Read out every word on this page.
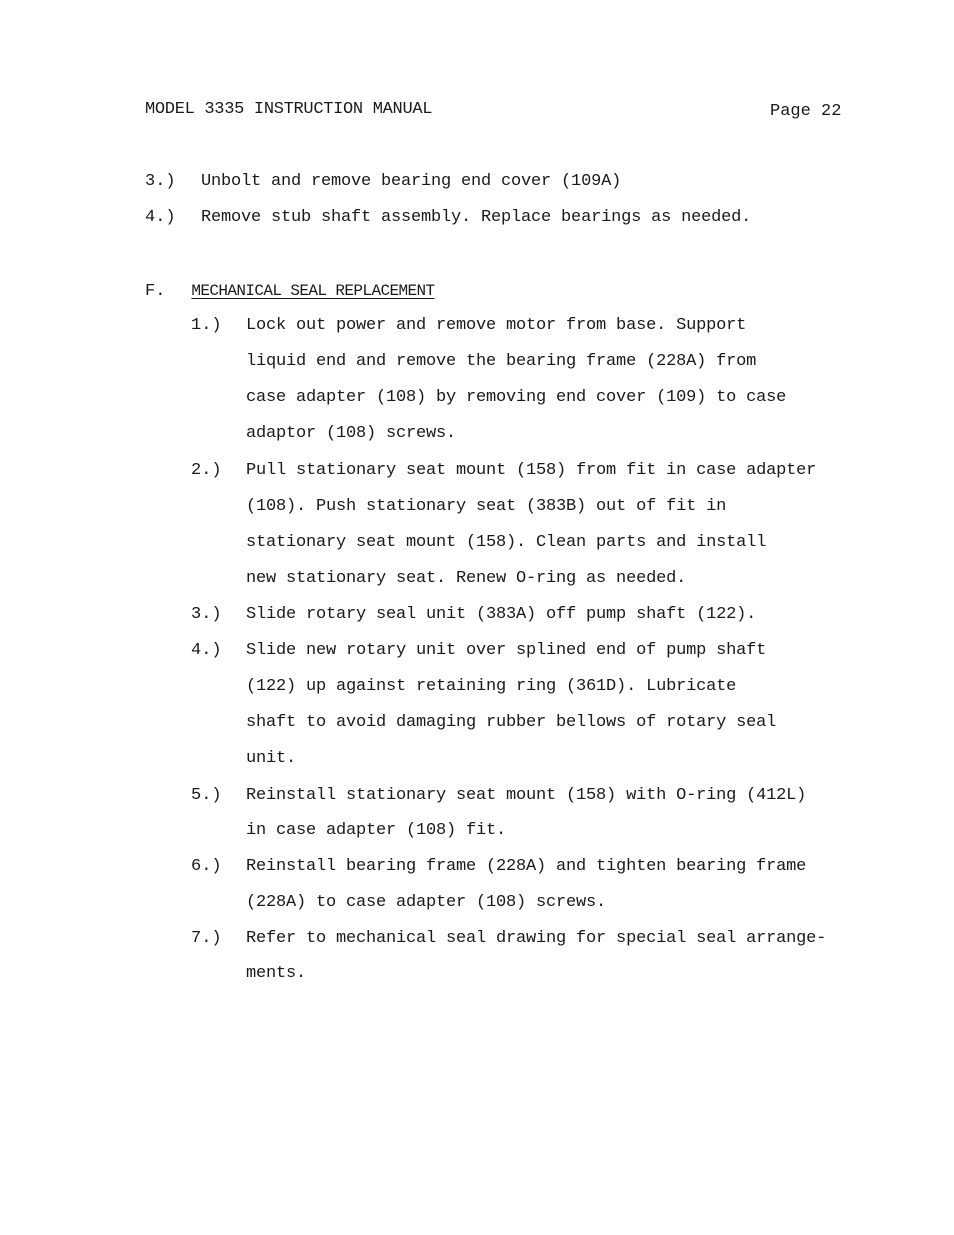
MODEL 3335 INSTRUCTION MANUAL	Page 22
3.) Unbolt and remove bearing end cover (109A)
4.) Remove stub shaft assembly. Replace bearings as needed.
F. MECHANICAL SEAL REPLACEMENT
1.) Lock out power and remove motor from base. Support
liquid end and remove the bearing frame (228A) from
case adapter (108) by removing end cover (109) to case
adaptor (108) screws.
2.) Pull stationary seat mount (158) from fit in case adapter
(108). Push stationary seat (383B) out of fit in
stationary seat mount (158). Clean parts and install
new stationary seat. Renew O-ring as needed.
3.) Slide rotary seal unit (383A) off pump shaft (122).
4.) Slide new rotary unit over splined end of pump shaft
(122) up against retaining ring (361D). Lubricate
shaft to avoid damaging rubber bellows of rotary seal
unit.
5.) Reinstall stationary seat mount (158) with O-ring (412L)
in case adapter (108) fit.
6.) Reinstall bearing frame (228A) and tighten bearing frame
(228A) to case adapter (108) screws.
7.) Refer to mechanical seal drawing for special seal arrange-
ments.
